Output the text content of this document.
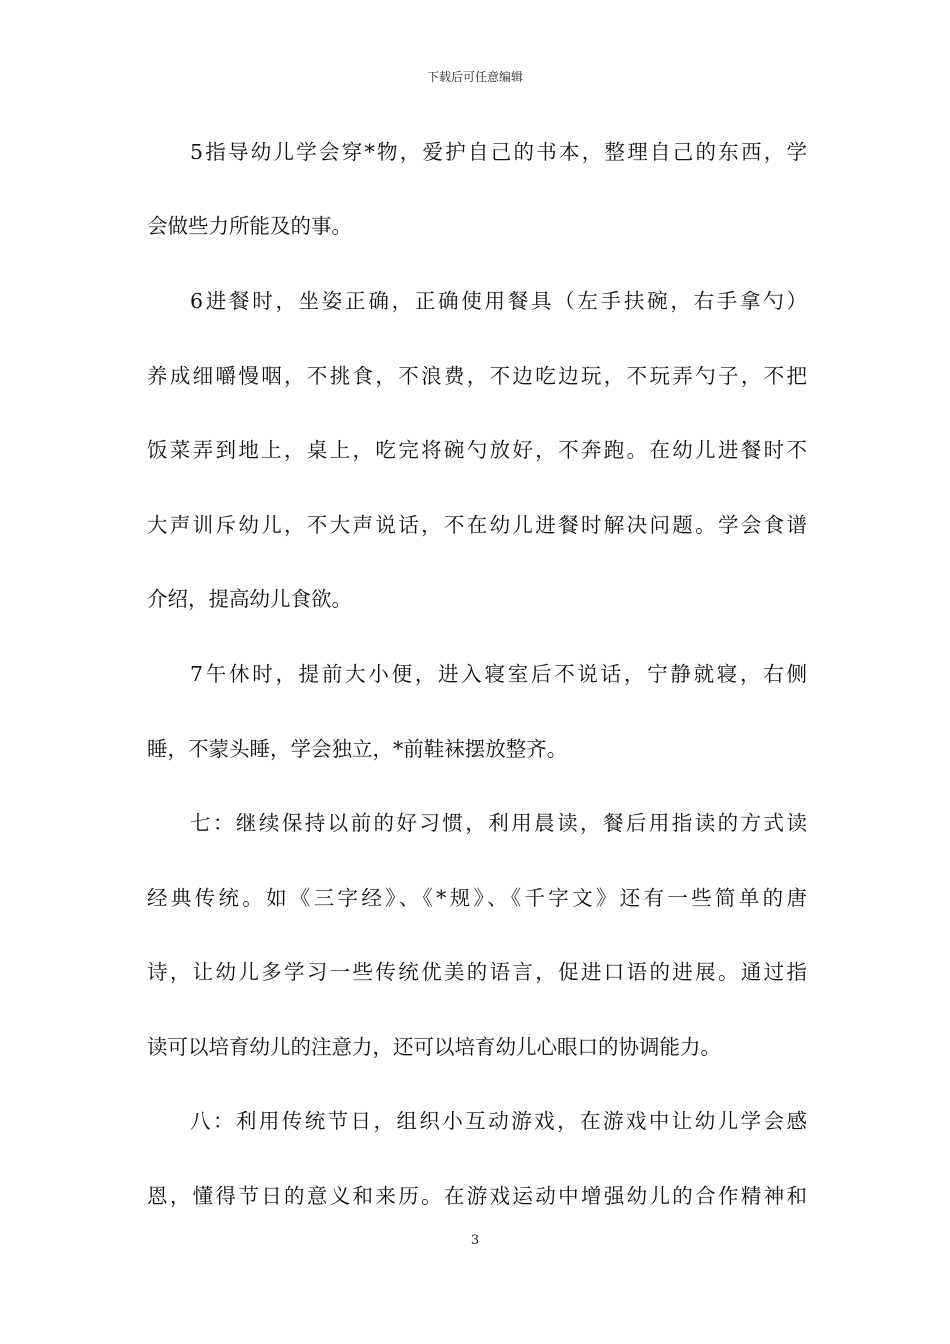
下载后可任意编辑
5指导幼儿学会穿*物，爱护自己的书本，整理自己的东西，学
会做些力所能及的事。
6进餐时，坐姿正确，正确使用餐具（左手扶碗，右手拿勺）
养成细嚼慢咽，不挑食，不浪费，不边吃边玩，不玩弄勺子，不把
饭菜弄到地上，桌上，吃完将碗勺放好，不奔跑。在幼儿进餐时不
大声训斥幼儿，不大声说话，不在幼儿进餐时解决问题。学会食谱
介绍，提高幼儿食欲。
7午休时，提前大小便，进入寝室后不说话，宁静就寝，右侧
睡，不蒙头睡，学会独立，*前鞋袜摆放整齐。
七：继续保持以前的好习惯，利用晨读，餐后用指读的方式读
经典传统。如《三字经》、《*规》、《千字文》还有一些简单的唐
诗，让幼儿多学习一些传统优美的语言，促进口语的进展。通过指
读可以培育幼儿的注意力，还可以培育幼儿心眼口的协调能力。
八：利用传统节日，组织小互动游戏，在游戏中让幼儿学会感
恩，懂得节日的意义和来历。在游戏运动中增强幼儿的合作精神和
3
